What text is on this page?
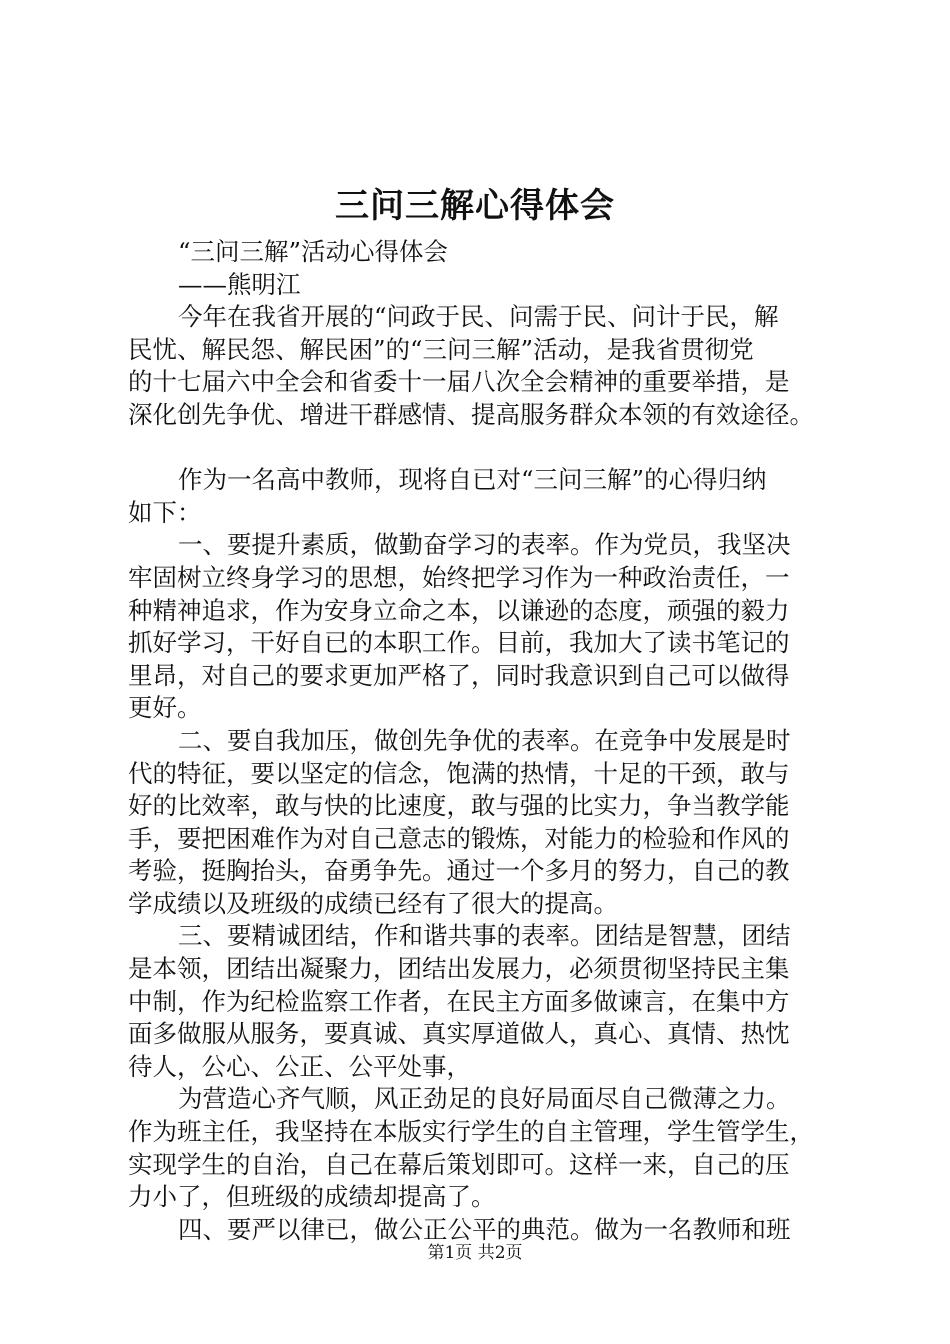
三问三解心得体会
“三问三解”活动心得体会
——熊明江
今年在我省开展的“问政于民、问需于民、问计于民，解
民忧、解民怨、解民困”的“三问三解”活动，是我省贯彻党
的十七届六中全会和省委十一届八次全会精神的重要举措，是
深化创先争优、增进干群感情、提高服务群众本领的有效途径。
作为一名高中教师，现将自已对“三问三解”的心得归纳
如下：
一、要提升素质，做勤奋学习的表率。作为党员，我坚决
牢固树立终身学习的思想，始终把学习作为一种政治责任，一
种精神追求，作为安身立命之本，以谦逊的态度，顽强的毅力
抓好学习，干好自已的本职工作。目前，我加大了读书笔记的
里昂，对自己的要求更加严格了，同时我意识到自己可以做得
更好。
二、要自我加压，做创先争优的表率。在竞争中发展是时
代的特征，要以坚定的信念，饱满的热情，十足的干颈，敢与
好的比效率，敢与快的比速度，敢与强的比实力，争当教学能
手，要把困难作为对自己意志的锻炼，对能力的检验和作风的
考验，挺胸抬头，奋勇争先。通过一个多月的努力，自己的教
学成绩以及班级的成绩已经有了很大的提高。
三、要精诚团结，作和谐共事的表率。团结是智慧，团结
是本领，团结出凝聚力，团结出发展力，必须贯彻坚持民主集
中制，作为纪检监察工作者，在民主方面多做谏言，在集中方
面多做服从服务，要真诚、真实厚道做人，真心、真情、热忱
待人，公心、公正、公平处事，
为营造心齐气顺，风正劲足的良好局面尽自己微薄之力。
作为班主任，我坚持在本版实行学生的自主管理，学生管学生，
实现学生的自治，自己在幕后策划即可。这样一来，自己的压
力小了，但班级的成绩却提高了。
四、要严以律已，做公正公平的典范。做为一名教师和班
第1页 共2页
